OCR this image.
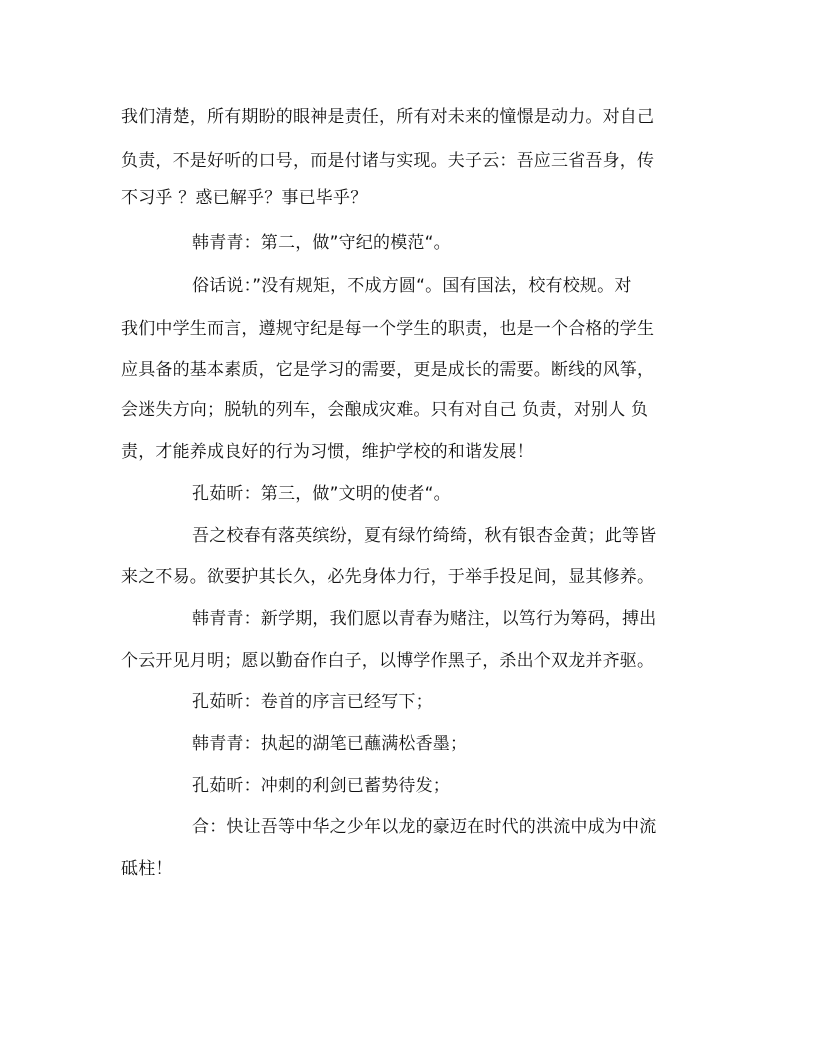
我们清楚，所有期盼的眼神是责任，所有对未来的憧憬是动力。对自己
负责，不是好听的口号，而是付诸与实现。夫子云：吾应三省吾身，传
不习乎 ？惑已解乎？事已毕乎？
韩青青：第二，做”守纪的模范“。
俗话说：”没有规矩，不成方圆“。国有国法，校有校规。对
我们中学生而言，遵规守纪是每一个学生的职责，也是一个合格的学生
应具备的基本素质，它是学习的需要，更是成长的需要。断线的风筝，
会迷失方向；脱轨的列车，会酿成灾难。只有对自己 负责，对别人 负
责，才能养成良好的行为习惯，维护学校的和谐发展！
孔茹昕：第三，做”文明的使者“。
吾之校春有落英缤纷，夏有绿竹绮绮，秋有银杏金黄；此等皆
来之不易。欲要护其长久，必先身体力行，于举手投足间，显其修养。
韩青青：新学期，我们愿以青春为赌注，以笃行为筹码，搏出
个云开见月明；愿以勤奋作白子，以博学作黑子，杀出个双龙并齐驱。
孔茹昕：卷首的序言已经写下；
韩青青：执起的湖笔已蘸满松香墨；
孔茹昕：冲刺的利剑已蓄势待发；
合：快让吾等中华之少年以龙的豪迈在时代的洪流中成为中流
砥柱！
